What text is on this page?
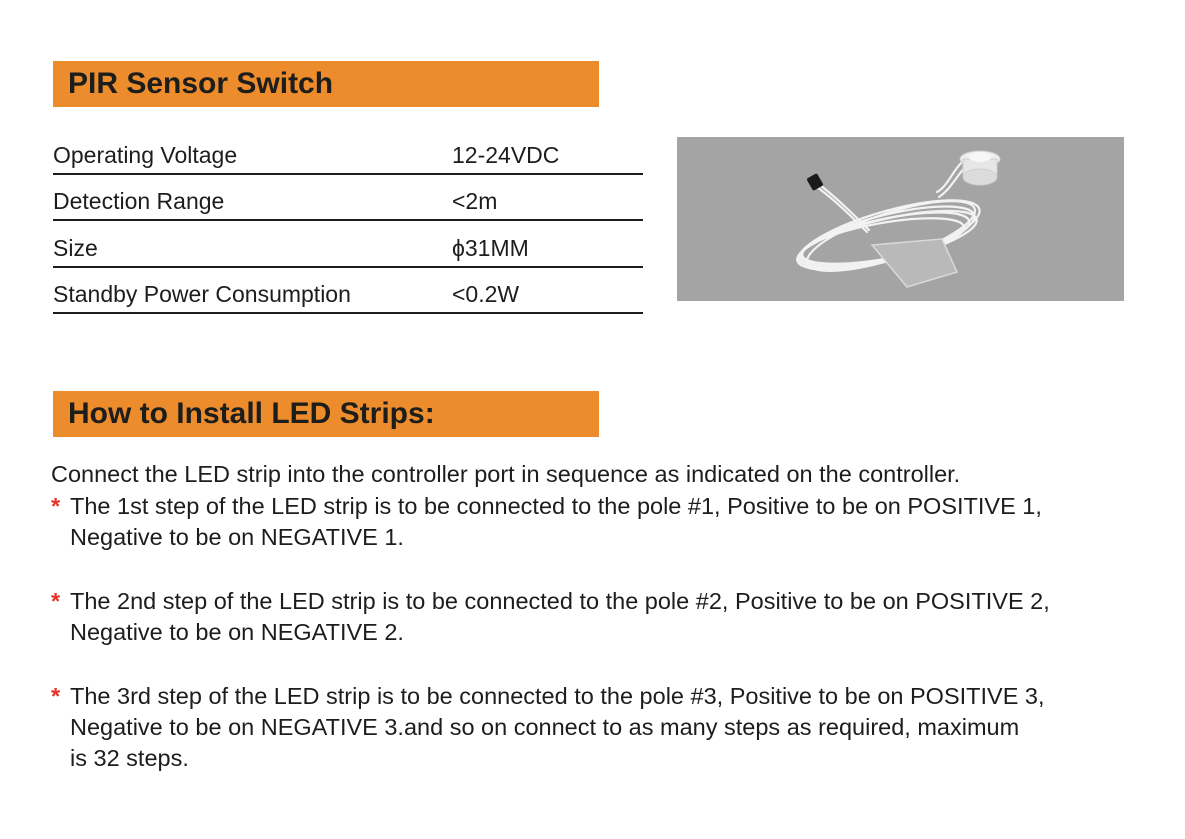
PIR Sensor Switch
Operating Voltage	12-24VDC
Detection Range	<2m
Size	ϕ31MM
Standby Power Consumption	<0.2W
How to Install LED Strips:

Connect the LED strip into the controller port in sequence as indicated on the controller.

* The 1st step of the LED strip is to be connected to the pole #1, Positive to be on POSITIVE 1,
Negative to be on NEGATIVE 1.
* The 2nd step of the LED strip is to be connected to the pole #2, Positive to be on POSITIVE 2,
Negative to be on NEGATIVE 2.
* The 3rd step of the LED strip is to be connected to the pole #3, Positive to be on POSITIVE 3,
Negative to be on NEGATIVE 3.and so on connect to as many steps as required, maximum
is 32 steps.
